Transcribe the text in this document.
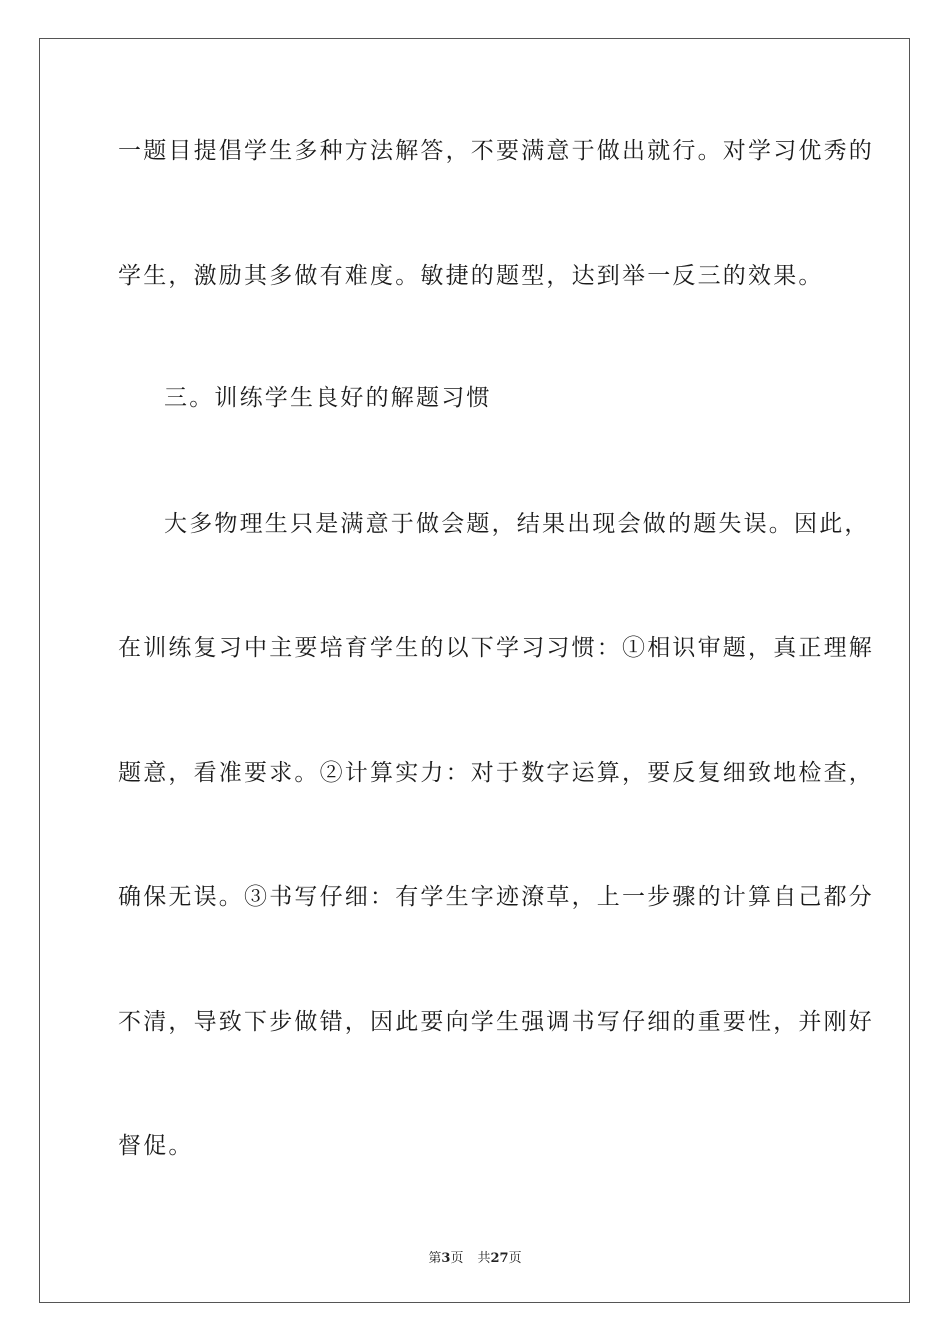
一题目提倡学生多种方法解答，不要满意于做出就行。对学习优秀的
学生，激励其多做有难度。敏捷的题型，达到举一反三的效果。
三。训练学生良好的解题习惯
大多物理生只是满意于做会题，结果出现会做的题失误。因此，
在训练复习中主要培育学生的以下学习习惯：①相识审题，真正理解
题意，看准要求。②计算实力：对于数字运算，要反复细致地检查，
确保无误。③书写仔细：有学生字迹潦草，上一步骤的计算自己都分
不清，导致下步做错，因此要向学生强调书写仔细的重要性，并刚好
督促。
第3页 共27页
